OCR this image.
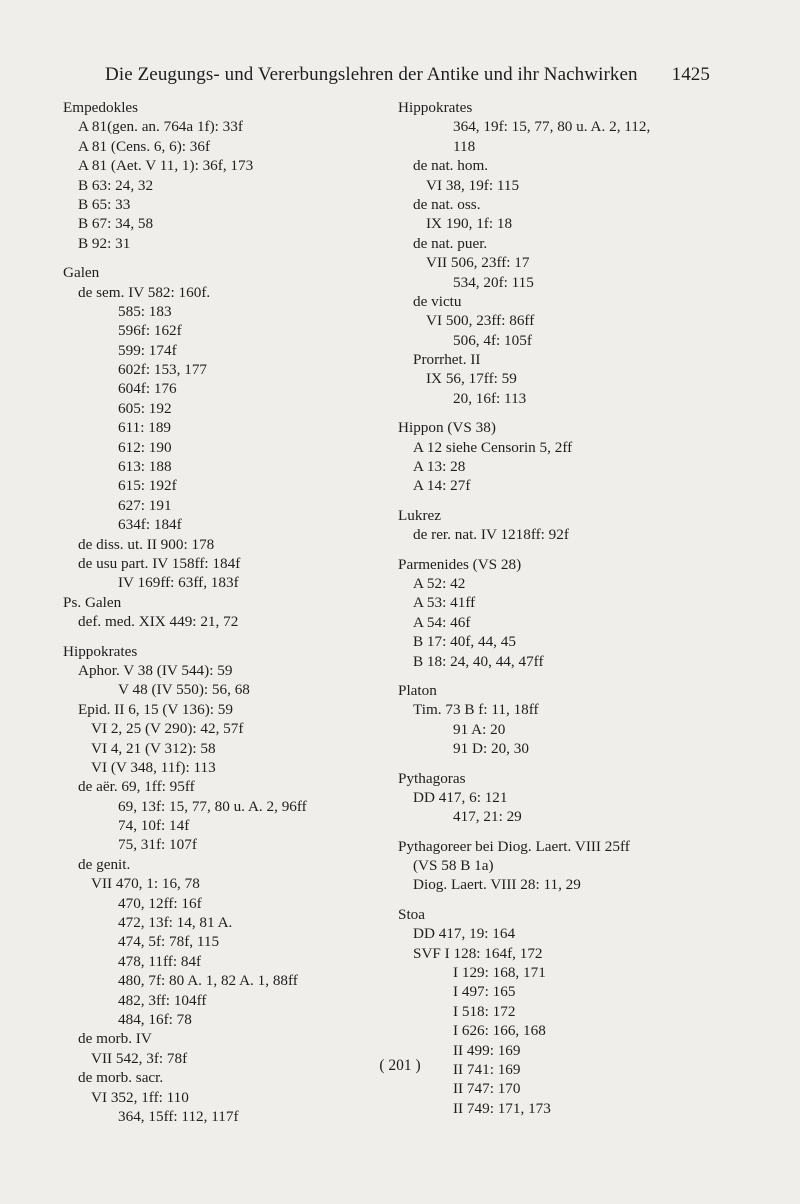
Die Zeugungs- und Vererbungslehren der Antike und ihr Nachwirken 1425
Empedokles
A 81(gen. an. 764a 1f): 33f
A 81 (Cens. 6, 6): 36f
A 81 (Aet. V 11, 1): 36f, 173
B 63: 24, 32
B 65: 33
B 67: 34, 58
B 92: 31
Galen
de sem. IV 582: 160f.
585: 183
596f: 162f
599: 174f
602f: 153, 177
604f: 176
605: 192
611: 189
612: 190
613: 188
615: 192f
627: 191
634f: 184f
de diss. ut. II 900: 178
de usu part. IV 158ff: 184f
IV 169ff: 63ff, 183f
Ps. Galen
def. med. XIX 449: 21, 72
Hippokrates
Aphor. V 38 (IV 544): 59
V 48 (IV 550): 56, 68
Epid. II 6, 15 (V 136): 59
VI 2, 25 (V 290): 42, 57f
VI 4, 21 (V 312): 58
VI (V 348, 11f): 113
de aër. 69, 1ff: 95ff
69, 13f: 15, 77, 80 u. A. 2, 96ff
74, 10f: 14f
75, 31f: 107f
de genit.
VII 470, 1: 16, 78
470, 12ff: 16f
472, 13f: 14, 81 A.
474, 5f: 78f, 115
478, 11ff: 84f
480, 7f: 80 A. 1, 82 A. 1, 88ff
482, 3ff: 104ff
484, 16f: 78
de morb. IV
VII 542, 3f: 78f
de morb. sacr.
VI 352, 1ff: 110
364, 15ff: 112, 117f
Hippokrates
364, 19f: 15, 77, 80 u. A. 2, 112,
118
de nat. hom.
VI 38, 19f: 115
de nat. oss.
IX 190, 1f: 18
de nat. puer.
VII 506, 23ff: 17
534, 20f: 115
de victu
VI 500, 23ff: 86ff
506, 4f: 105f
Prorrhet. II
IX 56, 17ff: 59
20, 16f: 113
Hippon (VS 38)
A 12 siehe Censorin 5, 2ff
A 13: 28
A 14: 27f
Lukrez
de rer. nat. IV 1218ff: 92f
Parmenides (VS 28)
A 52: 42
A 53: 41ff
A 54: 46f
B 17: 40f, 44, 45
B 18: 24, 40, 44, 47ff
Platon
Tim. 73 B f: 11, 18ff
91 A: 20
91 D: 20, 30
Pythagoras
DD 417, 6: 121
417, 21: 29
Pythagoreer bei Diog. Laert. VIII 25ff
(VS 58 B 1a)
Diog. Laert. VIII 28: 11, 29
Stoa
DD 417, 19: 164
SVF I 128: 164f, 172
I 129: 168, 171
I 497: 165
I 518: 172
I 626: 166, 168
II 499: 169
II 741: 169
II 747: 170
II 749: 171, 173
( 201 )
